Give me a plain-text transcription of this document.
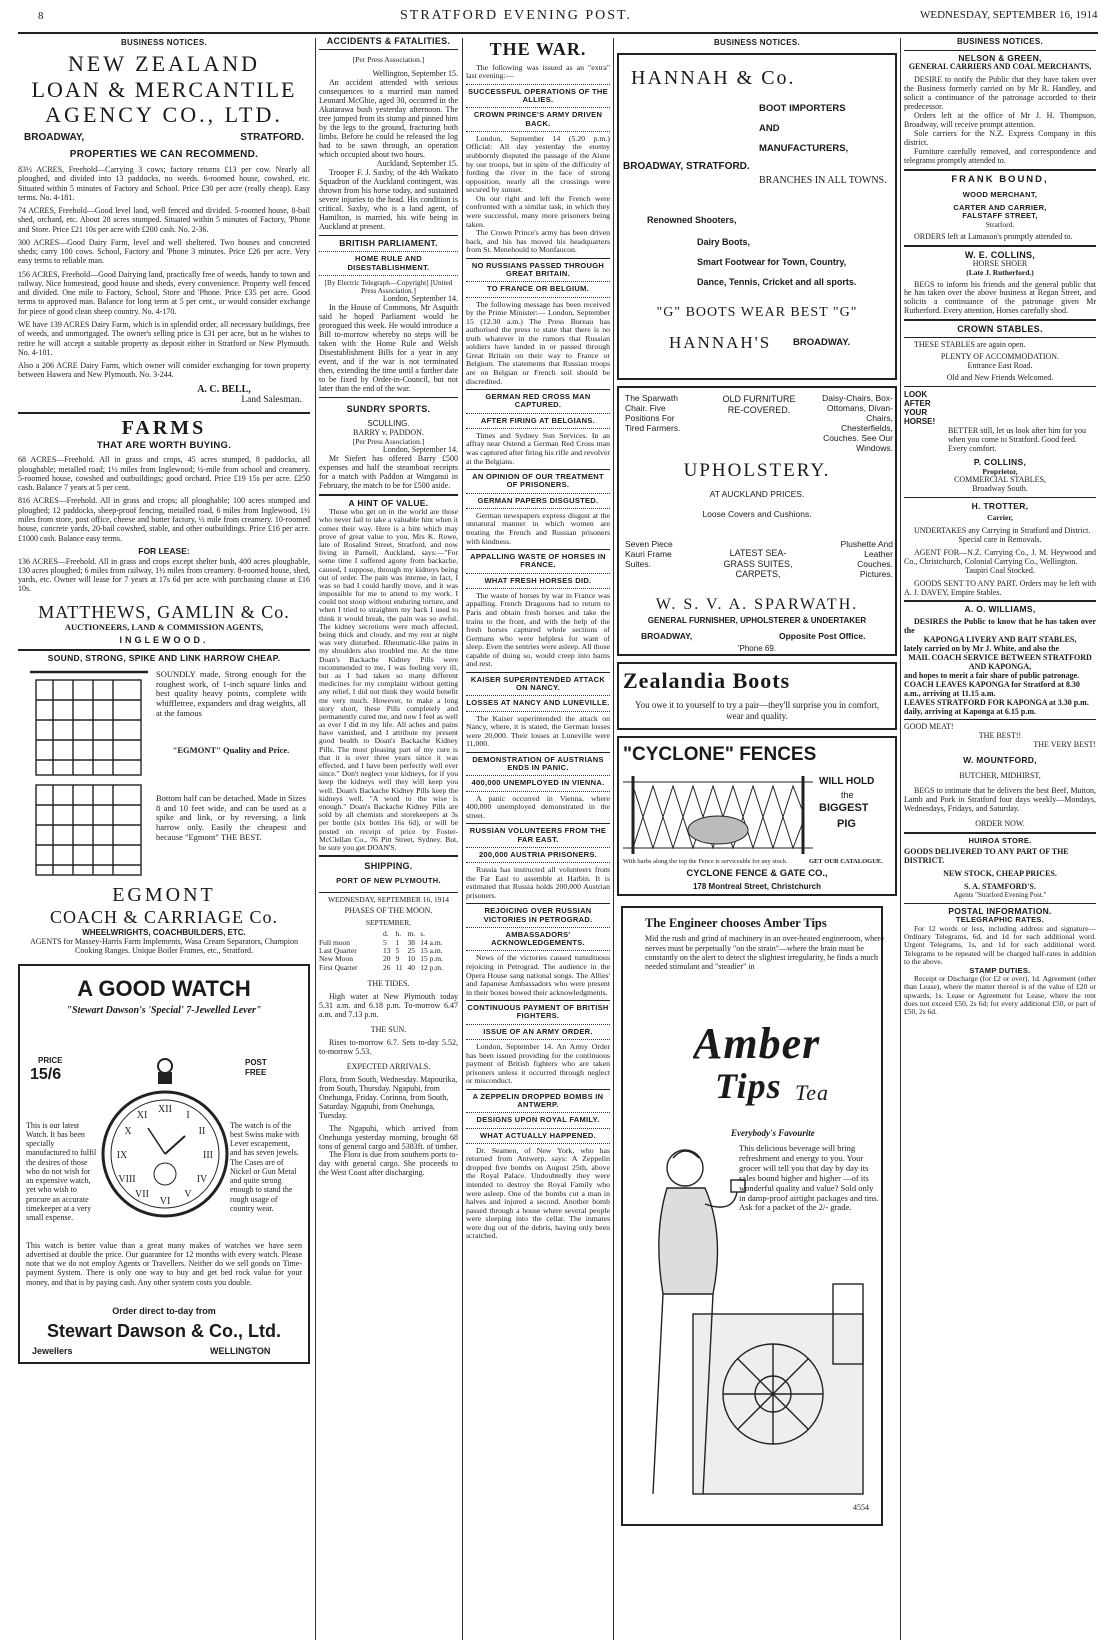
8	STRATFORD EVENING POST.	WEDNESDAY, SEPTEMBER 16, 1914
BUSINESS NOTICES.
NEW ZEALAND
LOAN & MERCANTILE
AGENCY CO., LTD.
BROADWAY,	STRATFORD.
PROPERTIES WE CAN RECOMMEND.
83½ ACRES, Freehold—Carrying 3 cows; factory returns £13 per cow. Nearly all ploughed, and divided into 13 paddocks, no weeds. 6-roomed house, cowshed, etc. Situated within 5 minutes of Factory and School. Price £30 per acre (really cheap). Easy terms. No. 4-181.
74 ACRES, Freehold—Good level land, well fenced and divided. 5-roomed house, 8-bail shed, orchard, etc. About 28 acres stumped. Situated within 5 minutes of Factory, 'Phone and Store. Price £21 10s per acre with £200 cash. No. 2-36.
300 ACRES—Good Dairy Farm, level and well sheltered. Two houses and concreted sheds; carry 100 cows. School, Factory and 'Phone 3 minutes. Price £26 per acre. Very easy terms to reliable man.
156 ACRES, Freehold—Good Dairying land, practically free of weeds, handy to town and railway. Nice homestead, good house and sheds, every convenience. Property well fenced and divided. One mile to Factory, School, Store and 'Phone. Price £35 per acre. Good terms to approved man. Balance for long term at 5 per cent., or would consider exchange for piece of good clean sheep country. No. 4-170.
WE have 139 ACRES Dairy Farm, which is in splendid order, all necessary buildings, free of weeds, and unmortgaged. The owner's selling price is £31 per acre, but as he wishes to retire he will accept a suitable property as deposit either in Stratford or New Plymouth. No. 4-101.
Also a 206 ACRE Dairy Farm, which owner will consider exchanging for town property between Hawera and New Plymouth. No. 3-244.
A. C. BELL,
Land Salesman.
FARMS
THAT ARE WORTH BUYING.
68 ACRES—Freehold. All in grass and crops, 45 acres stumped, 8 paddocks, all ploughable; metalled road; 1½ miles from Inglewood; ½-mile from school and creamery. 5-roomed house, cowshed and outbuildings; good orchard. Price £19 15s per acre. £250 cash. Balance 7 years at 5 per cent.
816 ACRES—Freehold. All in grass and crops; all ploughable; 100 acres stumped and ploughed; 12 paddocks, sheep-proof fencing, metalled road, 6 miles from Inglewood, 1½ miles from store, post office, cheese and butter factory, ½ mile from creamery. 10-roomed house, concrete yards, 20-bail cowshed, stable, and other outbuildings. Price £16 per acre. £1000 cash. Balance easy terms.
FOR LEASE:
136 ACRES—Freehold. All in grass and crops except shelter bush, 400 acres ploughable, 130 acres ploughed; 6 miles from railway, 1½ miles from creamery. 8-roomed house, shed, yards, etc. Owner will lease for 7 years at 17s 6d per acre with purchasing clause at £16 10s.
MATTHEWS, GAMLIN & Co.
AUCTIONEERS, LAND & COMMISSION AGENTS,
INGLEWOOD.
SOUND, STRONG, SPIKE AND LINK HARROW CHEAP.
SOUNDLY made, Strong enough for the roughest work, of 1-inch square links and best quality heavy points, complete with whiffletree, expanders and drag weights, all at the famous
"EGMONT" Quality and Price.
Bottom half can be detached. Made in Sizes 8 and 10 feet wide, and can be used as a spike and link, or by reversing, a link harrow only. Easily the cheapest and because "Egmont" THE BEST.
EGMONT
COACH & CARRIAGE Co.
WHEELWRIGHTS, COACHBUILDERS, ETC.
AGENTS for Massey-Harris Farm Implements, Wasa Cream Separators, Champion Cooking Ranges. Unique Boiler Frames, etc., Stratford.
A GOOD WATCH
"Stewart Dawson's 'Special' 7-Jewelled Lever"
PRICE
15/6
POST
FREE
XII
III
VI
IX
I
II
IV
V
VII
VIII
X
XI
This is our latest Watch. It has been specially manufactured to fulfil the desires of those who do not wish for an expensive watch, yet who wish to procure an accurate timekeeper at a very small expense.
The watch is of the best Swiss make with Lever escapement, and has seven jewels. The Cases are of Nickel or Gun Metal and quite strong enough to stand the rough usage of country wear.
This watch is better value than a great many makes of watches we have seen advertised at double the price. Our guarantee for 12 months with every watch. Please note that we do not employ Agents or Travellers. Neither do we sell goods on Time-payment System. There is only one way to buy and get bed rock value for your money, and that is by paying cash. Any other system costs you double.
Order direct to-day from
Stewart Dawson & Co., Ltd.
Jewellers	WELLINGTON
ACCIDENTS & FATALITIES.
[Per Press Association.]
Wellington, September 15.
An accident attended with serious consequences to a married man named Leonard McGhie, aged 30, occurred in the Akatarawa bush yesterday afternoon. The tree jumped from its stump and pinned him by the legs to the ground, fracturing both limbs. Before he could be released the log had to be sawn through, an operation which occupied about two hours.
Auckland, September 15.
Trooper F. J. Saxby, of the 4th Waikato Squadron of the Auckland contingent, was thrown from his horse today, and sustained severe injuries to the head. His condition is critical. Saxby, who is a land agent, of Hamilton, is married, his wife being in Auckland at present.
BRITISH PARLIAMENT.
HOME RULE AND DISESTABLISHMENT.
[By Electric Telegraph—Copyright] [United Press Association.]
London, September 14.
In the House of Commons, Mr Asquith said he hoped Parliament would be prorogued this week. He would introduce a Bill to-morrow whereby no steps will be taken with the Home Rule and Welsh Disestablishment Bills for a year in any event, and if the war is not terminated then, extending the time until a further date to be fixed by Order-in-Council, but not later than the end of the war.
SUNDRY SPORTS.
SCULLING.
BARRY v. PADDON.
[Per Press Association.]
London, September 14.
Mr Siefert has offered Barry £500 expenses and half the steamboat receipts for a match with Paddon at Wanganui in February, the match to be for £500 aside.
A HINT OF VALUE.
Those who get on in the world are those who never fail to take a valuable hint when it comes their way. Here is a hint which may prove of great value to you. Mrs K. Rowe, late of Rosalind Street, Stratford, and now living in Parnell, Auckland, says:—"For some time I suffered agony from backache, caused, I suppose, through my kidneys being out of order. The pain was intense, in fact, I was so bad I could hardly move, and it was impossible for me to attend to my work. I could not stoop without enduring torture, and when I tried to straighten my back I used to think it would break, the pain was so awful. The kidney secretions were much affected, being thick and cloudy, and my rest at night was very disturbed. Rheumatic-like pains in my shoulders also troubled me. At the time Doan's Backache Kidney Pills were recommended to me, I was feeling very ill, but as I had taken so many different medicines for my complaint without getting any relief, I did not think they would benefit me very much. However, to make a long story short, these Pills completely and permanently cured me, and now I feel as well as ever I did in my life. All aches and pains have vanished, and I attribute my present good health to Doan's Backache Kidney Pills. The most pleasing part of my cure is that it is over three years since it was effected, and I have been perfectly well ever since." Don't neglect your kidneys, for if you keep the kidneys well they will keep you well. Doan's Backache Kidney Pills keep the kidneys well. "A word to the wise is enough." Doan's Backache Kidney Pills are sold by all chemists and storekeepers at 3s per bottle (six bottles 16s 6d), or will be posted on receipt of price by Foster-McClellan Co., 76 Pitt Street, Sydney. But, be sure you get DOAN'S.
SHIPPING.
PORT OF NEW PLYMOUTH.
WEDNESDAY, SEPTEMBER 16, 1914
PHASES OF THE MOON.
SEPTEMBER.
	d.	h.	m.	s.
Full moon	5	1	38	14 a.m.
Last Quarter	13	5	25	15 a.m.
New Moon	20	9	10	15 p.m.
First Quarter	26	11	40	12 p.m.
THE TIDES.
High water at New Plymouth today 5.31 a.m. and 6.18 p.m. To-morrow 6.47 a.m. and 7.13 p.m.
THE SUN.
Rises to-morrow 6.7. Sets to-day 5.52, to-morrow 5.53.
EXPECTED ARRIVALS.
Flora, from South, Wednesday. Mapourika, from South, Thursday. Ngapuhi, from Onehunga, Friday. Corinna, from South, Saturday. Ngapuhi, from Onehunga, Tuesday.
The Ngapuhi, which arrived from Onehunga yesterday morning, brought 68 tons of general cargo and 5383ft. of timber.
The Flora is due from southern ports to-day with general cargo. She proceeds to the West Coast after discharging.
THE WAR.
The following was issued as an "extra" last evening:—
SUCCESSFUL OPERATIONS OF THE ALLIES.
CROWN PRINCE'S ARMY DRIVEN BACK.
London, September 14 (5.20 p.m.) Official: All day yesterday the enemy stubbornly disputed the passage of the Aisne by our troops, but in spite of the difficulty of fording the river in the face of strong opposition, nearly all the crossings were secured by sunset.
On our right and left the French were confronted with a similar task, in which they were successful, many more prisoners being taken.
The Crown Prince's army has been driven back, and his has moved his headquarters from St. Menehould to Monfaucon.
NO RUSSIANS PASSED THROUGH GREAT BRITAIN.
TO FRANCE OR BELGIUM.
The following message has been received by the Prime Minister:— London, September 15 (12.30 a.m.) The Press Bureau has authorised the press to state that there is no truth whatever in the rumors that Russian soldiers have landed in or passed through Great Britain on their way to France or Belgium. The statements that Russian troops are on Belgian or French soil should be discredited.
GERMAN RED CROSS MAN CAPTURED.
AFTER FIRING AT BELGIANS.
Times and Sydney Sun Services. In an affray near Ostend a German Red Cross man was captured after firing his rifle and revolver at the Belgians.
AN OPINION OF OUR TREATMENT OF PRISONERS.
GERMAN PAPERS DISGUSTED.
German newspapers express disgust at the unnatural manner in which women are treating the French and Russian prisoners with kindness.
APPALLING WASTE OF HORSES IN FRANCE.
WHAT FRESH HORSES DID.
The waste of horses by war in France was appalling. French Dragoons had to return to Paris and obtain fresh horses and take the trains to the front, and with the help of the fresh horses captured whole sections of Germans who were helpless for want of sleep. Even the sentries were asleep. All those capable of doing so, would creep into barns and rest.
KAISER SUPERINTENDED ATTACK ON NANCY.
LOSSES AT NANCY AND LUNEVILLE.
The Kaiser superintended the attack on Nancy, where, it is stated, the German losses were 20,000. Their losses at Luneville were 11,000.
DEMONSTRATION OF AUSTRIANS ENDS IN PANIC.
400,000 UNEMPLOYED IN VIENNA.
A panic occurred in Vienna, where 400,000 unemployed demonstrated in the street.
RUSSIAN VOLUNTEERS FROM THE FAR EAST.
200,000 AUSTRIA PRISONERS.
Russia has instructed all volunteers from the Far East to assemble at Harbin. It is estimated that Russia holds 200,000 Austrian prisoners.
REJOICING OVER RUSSIAN VICTORIES IN PETROGRAD.
AMBASSADORS' ACKNOWLEDGEMENTS.
News of the victories caused tumultuous rejoicing in Petrograd. The audience in the Opera House sang national songs. The Allies' and Japanese Ambassadors who were present in their boxes bowed their acknowledgments.
CONTINUOUS PAYMENT OF BRITISH FIGHTERS.
ISSUE OF AN ARMY ORDER.
London, September 14. An Army Order has been issued providing for the continuous payment of British fighters who are taken prisoners unless it occurred through neglect or misconduct.
A ZEPPELIN DROPPED BOMBS IN ANTWERP.
DESIGNS UPON ROYAL FAMILY.
WHAT ACTUALLY HAPPENED.
Dr. Seamen, of New York, who has returned from Antwerp, says: A Zeppelin dropped five bombs on August 25th, above the Royal Palace. Undoubtedly they were intended to destroy the Royal Family who were asleep. One of the bombs cut a man in halves and injured a second. Another bomb passed through a house where several people were sleeping into the cellar. The inmates were dug out of the debris, having only been scratched.
BUSINESS NOTICES.
HANNAH & Co.
BOOT IMPORTERS
AND
MANUFACTURERS,
BROADWAY, STRATFORD.
BRANCHES IN ALL TOWNS.
Renowned Shooters,
Dairy Boots,
Smart Footwear for Town, Country,
Dance, Tennis, Cricket and all sports.
"G" BOOTS WEAR BEST "G"
HANNAH'S BROADWAY.
The Sparwath Chair. Five Positions For Tired Farmers.
OLD FURNITURE RE-COVERED.
Daisy-Chairs, Box-Ottomans, Divan-Chairs, Chesterfields, Couches. See Our Windows.
UPHOLSTERY.
AT AUCKLAND PRICES.
Loose Covers and Cushions.
Seven Piece Kauri Frame Suites.
LATEST SEA-GRASS SUITES, CARPETS,
Plushette And Leather Couches. Pictures.
W. S. V. A. SPARWATH.
GENERAL FURNISHER, UPHOLSTERER & UNDERTAKER
BROADWAY,	Opposite Post Office.
'Phone 69.
Zealandia Boots
You owe it to yourself to try a pair—they'll surprise you in comfort, wear and quality.
"CYCLONE" FENCES
WILL HOLD
the
BIGGEST
PIG
With barbs along the top the Fence is serviceable for any stock.	GET OUR CATALOGUE.
CYCLONE FENCE & GATE CO.,
178 Montreal Street, Christchurch
The Engineer chooses Amber Tips
Mid the rush and grind of machinery in an over-heated engineroom, where nerves must be perpetually "on the strain"—where the brain must be constantly on the alert to detect the slightest irregularity, he finds a much needed stimulant and "steadier" in
Amber
Tips Tea
Everybody's Favourite
This delicious beverage will bring refreshment and energy to you. Your grocer will tell you that day by day its sales bound higher and higher —of its wonderful quality and value? Sold only in damp-proof airtight packages and tins. Ask for a packet of the 2/- grade.
4554
BUSINESS NOTICES.
NELSON & GREEN,
GENERAL CARRIERS AND COAL MERCHANTS,
DESIRE to notify the Public that they have taken over the Business formerly carried on by Mr R. Handley, and solicit a continuance of the patronage accorded to their predecessor.
Orders left at the office of Mr J. H. Thompson, Broadway, will receive prompt attention.
Sole carriers for the N.Z. Express Company in this district.
Furniture carefully removed, and correspondence and telegrams promptly attended to.
FRANK BOUND,
WOOD MERCHANT,
CARTER AND CARRIER,
FALSTAFF STREET,
Stratford.
ORDERS left at Lamason's promptly attended to.
W. E. COLLINS,
HORSE SHOER
(Late J. Rutherford.)
BEGS to inform his friends and the general public that he has taken over the above business at Regan Street, and solicits a continuance of the patronage given Mr Rutherford. Every attention, Horses carefully shod.
CROWN STABLES.
THESE STABLES are again open.
PLENTY OF ACCOMMODATION.
Entrance East Road.
Old and New Friends Welcomed.
LOOK AFTER YOUR HORSE!
BETTER still, let us look after him for you when you come to Stratford. Good feed. Every comfort.
P. COLLINS,
Proprietor,
COMMERCIAL STABLES,
Broadway South.
H. TROTTER,
Carrier,
UNDERTAKES any Carrying in Stratford and District.
Special care in Removals.
AGENT FOR—N.Z. Carrying Co., J. M. Heywood and Co., Christchurch, Colonial Carrying Co., Wellington.
Taupiri Coal Stocked.
GOODS SENT TO ANY PART. Orders may be left with A. J. DAVEY, Empire Stables.
A. O. WILLIAMS,
DESIRES the Public to know that he has taken over the
KAPONGA LIVERY AND BAIT STABLES,
lately carried on by Mr J. White, and also the
MAIL COACH SERVICE BETWEEN STRATFORD AND KAPONGA,
and hopes to merit a fair share of public patronage.
COACH LEAVES KAPONGA for Stratford at 8.30 a.m., arriving at 11.15 a.m.
LEAVES STRATFORD FOR KAPONGA at 3.30 p.m. daily, arriving at Kaponga at 6.15 p.m.
GOOD MEAT!
THE BEST!!
THE VERY BEST!
W. MOUNTFORD,
BUTCHER, MIDHIRST,
BEGS to intimate that he delivers the best Beef, Mutton, Lamb and Pork in Stratford four days weekly—Mondays, Wednesdays, Fridays, and Saturday.
ORDER NOW.
HUIROA STORE.
GOODS DELIVERED TO ANY PART OF THE DISTRICT.
NEW STOCK, CHEAP PRICES.
S. A. STAMFORD'S.
Agents "Stratford Evening Post."
POSTAL INFORMATION.
TELEGRAPHIC RATES.
For 12 words or less, including address and signature— Ordinary Telegrams, 6d, and 1d for each additional word. Urgent Telegrams, 1s, and 1d for each additional word. Telegrams to be repeated will be charged half-rates in addition to the above.
STAMP DUTIES.
Receipt or Discharge (for £2 or over), 1d. Agreement (other than Lease), where the matter thereof is of the value of £20 or upwards, 1s. Lease or Agreement for Lease, where the rent does not exceed £50, 2s 6d; for every additional £50, or part of £50, 2s 6d.
